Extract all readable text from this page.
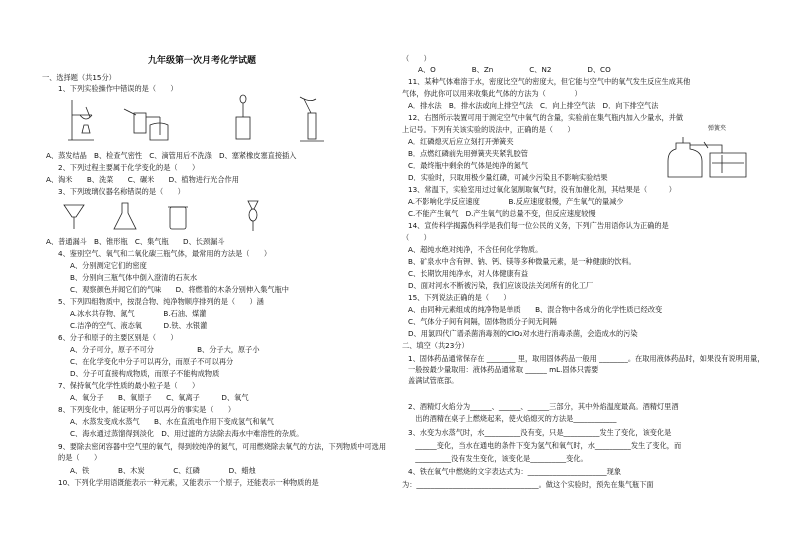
九年级第一次月考化学试题
一、选择题（共15分）
1、下列实验操作中错误的是（　　）
A、蒸发结晶　B、检查气密性　C、滴管用后不洗涤　D、塞紧橡皮塞直接插入
2、下列过程主要属于化学变化的是（　　）
A、淘米　　B、洗菜　　C、碾米　　D、植物进行光合作用
3、下列玻璃仪器名称错误的是（　　）
A、普通漏斗　B、锥形瓶　C、集气瓶　　D、长颈漏斗
4、鉴别空气、氧气和二氧化碳三瓶气体，最常用的方法是（　　）
A、分别测定它们的密度
B、分别向三瓶气体中倒入澄清的石灰水
C、观察颜色并闻它们的气味　　D、将燃着的木条分别伸入集气瓶中
5、下列四组物质中，按混合物、纯净物顺序排列的是（　　）涵
A.冰水共存物、氮气　　　　B.石油、煤灌
C.洁净的空气、液态氧　　　D.铁、水银灌
6、分子和原子的主要区别是（　　）
A、分子可分，原子不可分　　　　　　B、分子大，原子小
C、在化学变化中分子可以再分，而原子不可以再分
D、分子可直接构成物质，而原子不能构成物质
7、保持氧气化学性质的最小粒子是（　　）
A、氧分子　　B、氧原子　　C、氧离子　　　D、氧气
8、下列变化中，能证明分子可以再分的事实是（　　）
A、水蒸发变成水蒸气　　B、水在直流电作用下变成氢气和氧气
C、海水通过蒸馏得到淡化　D、用过滤的方法除去海水中难溶性的杂质。
9、要除去密闭容器中空气里的氧气，得到较纯净的氮气，可用燃烧除去氧气的方法，下列物质中可选用的是（　　）
A、铁　　　　B、木炭　　　　C、红磷　　　　D、蜡烛
10、下列化学用语既能表示一种元素，又能表示一个原子，还能表示一种物质的是
（　　）
A、O　　　　　B、Zn　　　　　C、N2　　　　　D、CO
11、某种气体难溶于水，密度比空气的密度大，但它能与空气中的氧气发生反应生成其他
气体，你此你可以用来收集此气体的方法为（　　　　）
A．排水法　B．排水法或向上排空气法　C．向上排空气法　D．向下排空气法
12、右图所示装置可用于测定空气中氧气的含量，实验前在集气瓶内加入少量水，并做
上记号。下列有关该实验的说法中，正确的是（　　）	弹簧夹
A．红磷熄灭后应立刻打开弹簧夹
B．点燃红磷前先用弹簧夹夹紧乳胶管
C．最终瓶中剩余的气体是纯净的氮气
D．实验时，只取用极少量红磷，可减少污染且不影响实验结果
13、常温下，实验室用过过氧化氢制取氧气时，没有加催化剂，其结果是（　　　）
A.不影响化学反应速度　　　　B.反应速度很慢，产生氧气的量减少
C.不能产生氧气　D.产生氧气的总量不变，但反应速度较慢
14、宣传科学揭露伪科学是我们每一位公民的义务，下列广告用语你认为正确的是
（　　）
A、超纯水绝对纯净，不含任何化学物质。
B、矿泉水中含有钾、钠、钙、镁等多种微量元素，是一种健康的饮料。
C、长期饮用纯净水，对人体健康有益
D、面对河水不断被污染，我们应该设法关闭所有的化工厂
15、下列说法正确的是（　　）
A、由同种元素组成的纯净物是单质　　B、混合物中各成分的化学性质已经改变
C、气体分子间有间隔，固体物质分子间无间隔
D、用氯四代广谱杀菌消毒剂的ClO₂对水进行消毒杀菌，会造成水的污染
二、填空（共23分）
1、固体药品通常保存在 ________ 里，取用固体药品一般用 ________。在取用液体药品时，如果没有说明用量，一般按最少量取用：液体药品通常取 ______ mL.固体只需要
盖满试管底部。
2、酒精灯火焰分为______、______、______三部分，其中外焰温度最高。酒精灯里酒
　出的酒精在桌子上燃烧起来，使火焰熄灭的方法是____________
3、水变为水蒸气时，水__________没有变，只是__________发生了变化，该变化是
　______变化，当水在通电的条件下变为氢气和氧气时，水__________发生了变化，而
　__________没有发生变化，该变化是__________变化。
4、铁在氧气中燃烧的文字表达式为：______________________现象
为：__________________________________。做这个实验时，预先在集气瓶下面
